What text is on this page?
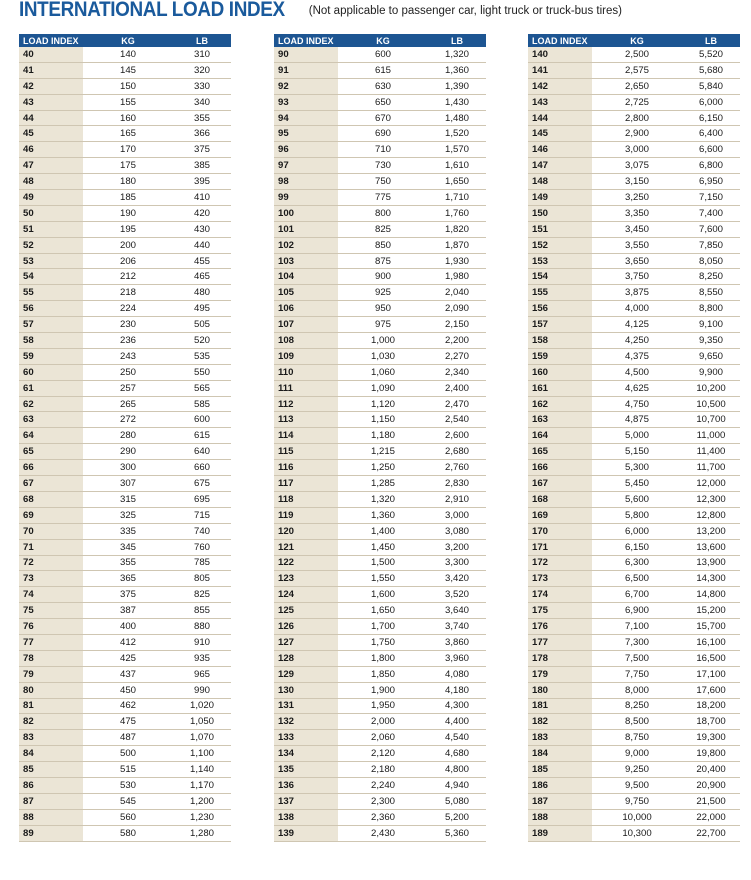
INTERNATIONAL LOAD INDEX (Not applicable to passenger car, light truck or truck-bus tires)
LOAD INDEX	KG	LB
40	140	310
41	145	320
42	150	330
43	155	340
44	160	355
45	165	366
46	170	375
47	175	385
48	180	395
49	185	410
50	190	420
51	195	430
52	200	440
53	206	455
54	212	465
55	218	480
56	224	495
57	230	505
58	236	520
59	243	535
60	250	550
61	257	565
62	265	585
63	272	600
64	280	615
65	290	640
66	300	660
67	307	675
68	315	695
69	325	715
70	335	740
71	345	760
72	355	785
73	365	805
74	375	825
75	387	855
76	400	880
77	412	910
78	425	935
79	437	965
80	450	990
81	462	1,020
82	475	1,050
83	487	1,070
84	500	1,100
85	515	1,140
86	530	1,170
87	545	1,200
88	560	1,230
89	580	1,280
LOAD INDEX	KG	LB
90	600	1,320
91	615	1,360
92	630	1,390
93	650	1,430
94	670	1,480
95	690	1,520
96	710	1,570
97	730	1,610
98	750	1,650
99	775	1,710
100	800	1,760
101	825	1,820
102	850	1,870
103	875	1,930
104	900	1,980
105	925	2,040
106	950	2,090
107	975	2,150
108	1,000	2,200
109	1,030	2,270
110	1,060	2,340
111	1,090	2,400
112	1,120	2,470
113	1,150	2,540
114	1,180	2,600
115	1,215	2,680
116	1,250	2,760
117	1,285	2,830
118	1,320	2,910
119	1,360	3,000
120	1,400	3,080
121	1,450	3,200
122	1,500	3,300
123	1,550	3,420
124	1,600	3,520
125	1,650	3,640
126	1,700	3,740
127	1,750	3,860
128	1,800	3,960
129	1,850	4,080
130	1,900	4,180
131	1,950	4,300
132	2,000	4,400
133	2,060	4,540
134	2,120	4,680
135	2,180	4,800
136	2,240	4,940
137	2,300	5,080
138	2,360	5,200
139	2,430	5,360
LOAD INDEX	KG	LB
140	2,500	5,520
141	2,575	5,680
142	2,650	5,840
143	2,725	6,000
144	2,800	6,150
145	2,900	6,400
146	3,000	6,600
147	3,075	6,800
148	3,150	6,950
149	3,250	7,150
150	3,350	7,400
151	3,450	7,600
152	3,550	7,850
153	3,650	8,050
154	3,750	8,250
155	3,875	8,550
156	4,000	8,800
157	4,125	9,100
158	4,250	9,350
159	4,375	9,650
160	4,500	9,900
161	4,625	10,200
162	4,750	10,500
163	4,875	10,700
164	5,000	11,000
165	5,150	11,400
166	5,300	11,700
167	5,450	12,000
168	5,600	12,300
169	5,800	12,800
170	6,000	13,200
171	6,150	13,600
172	6,300	13,900
173	6,500	14,300
174	6,700	14,800
175	6,900	15,200
176	7,100	15,700
177	7,300	16,100
178	7,500	16,500
179	7,750	17,100
180	8,000	17,600
181	8,250	18,200
182	8,500	18,700
183	8,750	19,300
184	9,000	19,800
185	9,250	20,400
186	9,500	20,900
187	9,750	21,500
188	10,000	22,000
189	10,300	22,700
